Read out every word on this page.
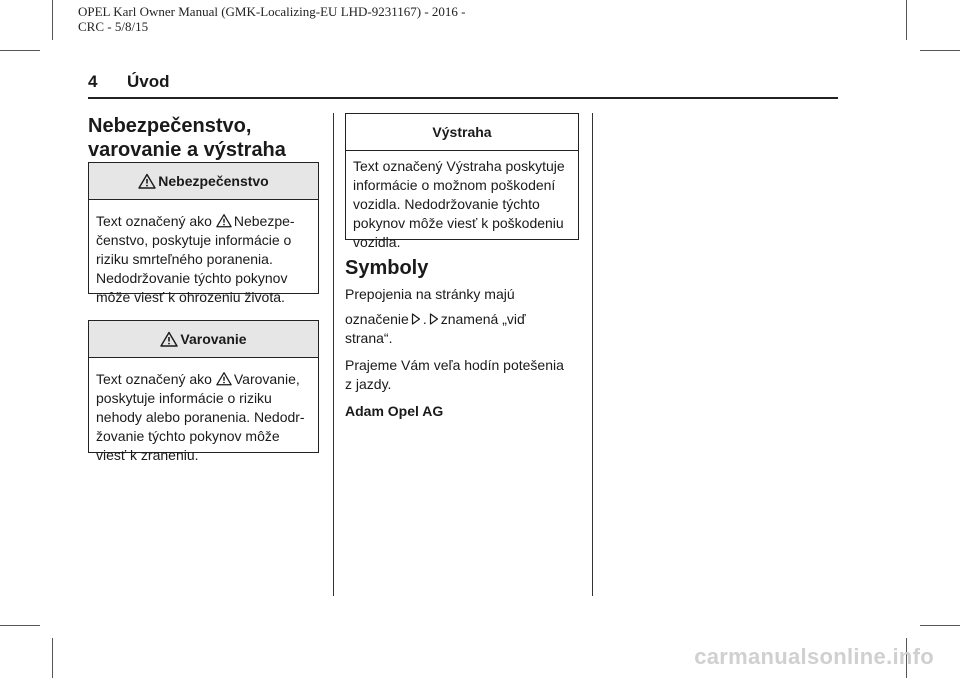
OPEL Karl Owner Manual (GMK-Localizing-EU LHD-9231167) - 2016 -
CRC - 5/8/15
4 Úvod
Nebezpečenstvo,
varovanie a výstraha
Nebezpečenstvo
Text označený ako Nebezpe-
čenstvo, poskytuje informácie o
riziku smrteľného poranenia.
Nedodržovanie týchto pokynov
môže viesť k ohrozeniu života.
Varovanie
Text označený ako Varovanie,
poskytuje informácie o riziku
nehody alebo poranenia. Nedodr-
žovanie týchto pokynov môže
viesť k zraneniu.
Výstraha
Text označený Výstraha poskytuje
informácie o možnom poškodení
vozidla. Nedodržovanie týchto
pokynov môže viesť k poškodeniu
vozidla.
Symboly
Prepojenia na stránky majú
označenie . znamená „viď
strana“.
Prajeme Vám veľa hodín potešenia
z jazdy.
Adam Opel AG
carmanualsonline.info
